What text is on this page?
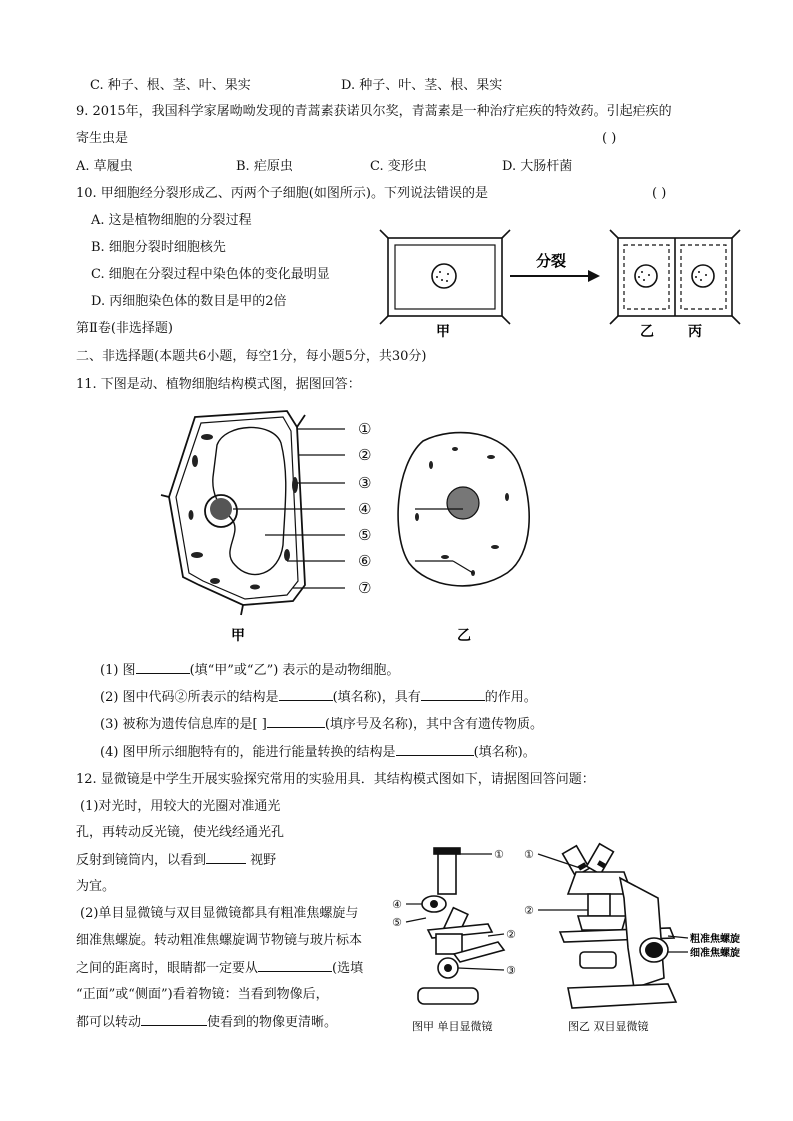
C. 种子、根、茎、叶、果实	D. 种子、叶、茎、根、果实
9. 2015年，我国科学家屠呦呦发现的青蒿素获诺贝尔奖，青蒿素是一种治疗疟疾的特效药。引起疟疾的
寄生虫是	( )
A. 草履虫	B. 疟原虫	C. 变形虫	D. 大肠杆菌
10. 甲细胞经分裂形成乙、丙两个子细胞(如图所示)。下列说法错误的是	( )
A. 这是植物细胞的分裂过程
B. 细胞分裂时细胞核先
C. 细胞在分裂过程中染色体的变化最明显
D. 丙细胞染色体的数目是甲的2倍
分裂
甲	乙 丙
第Ⅱ卷(非选择题)
二、非选择题(本题共6小题，每空1分，每小题5分，共30分)
11. 下图是动、植物细胞结构模式图，据图回答：
①
②
③
④
⑤
⑥
⑦
甲	乙
(1) 图	(填“甲”或“乙”) 表示的是动物细胞。
(2) 图中代码②所表示的结构是	(填名称)，具有	的作用。
(3) 被称为遗传信息库的是[ ]	(填序号及名称)，其中含有遗传物质。
(4) 图甲所示细胞特有的，能进行能量转换的结构是	(填名称)。
12. 显微镜是中学生开展实验探究常用的实验用具．其结构模式图如下，请据图回答问题：
(1)对光时，用较大的光圈对准通光
孔，再转动反光镜，使光线经通光孔
反射到镜筒内，以看到	视野
为宜。
(2)单目显微镜与双目显微镜都具有粗准焦螺旋与
细准焦螺旋。转动粗准焦螺旋调节物镜与玻片标本
之间的距离时，眼睛都一定要从	(选填
“正面”或“侧面”)看着物镜：当看到物像后，
都可以转动	使看到的物像更清晰。
①
②
③
④
⑤
图甲 单目显微镜
①
②
粗准焦螺旋
细准焦螺旋
图乙 双目显微镜
